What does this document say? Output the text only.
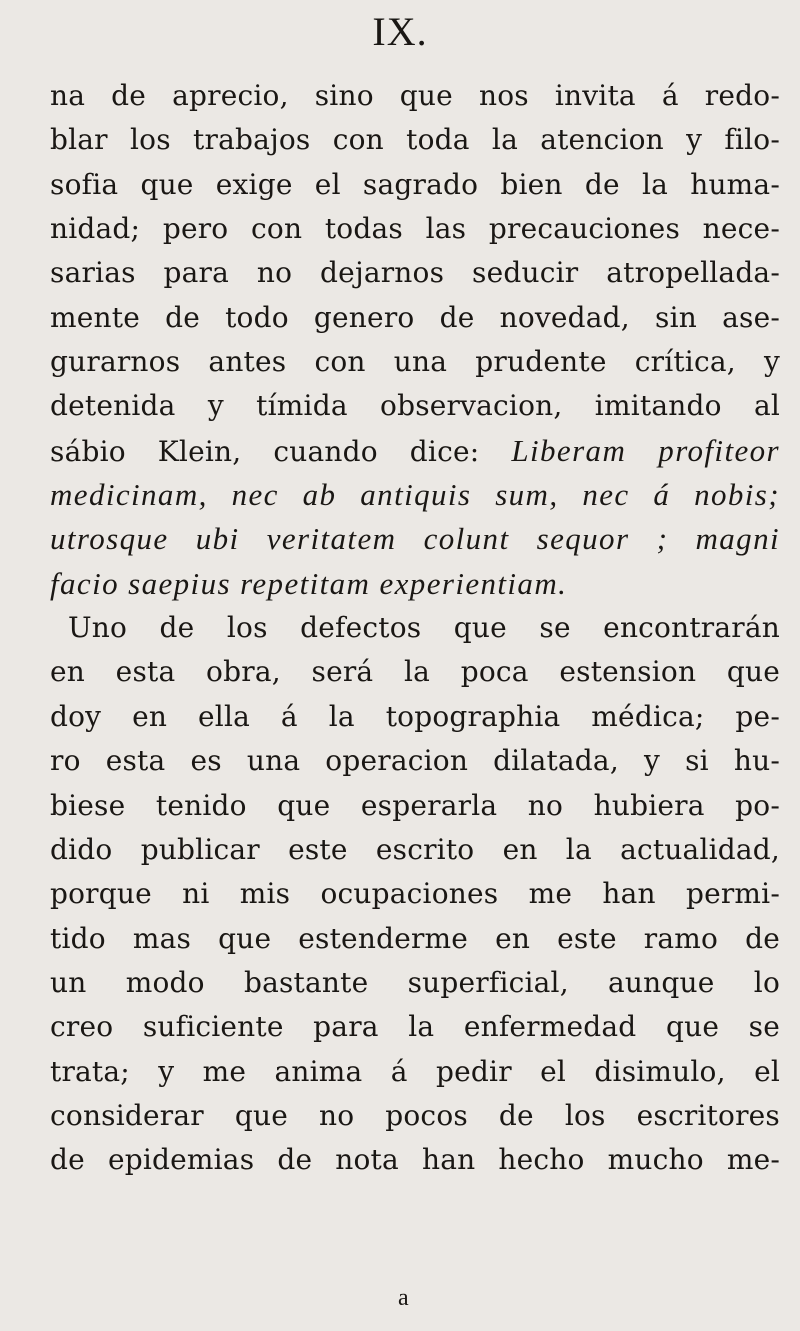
IX.
na de aprecio, sino que nos invita á redo-
blar los trabajos con toda la atencion y filo-
sofia que exige el sagrado bien de la huma-
nidad; pero con todas las precauciones nece-
sarias para no dejarnos seducir atropellada-
mente de todo genero de novedad, sin ase-
gurarnos antes con una prudente crítica, y
detenida y tímida observacion, imitando al
sábio Klein, cuando dice: Liberam profiteor
medicinam, nec ab antiquis sum, nec á nobis;
utrosque ubi veritatem colunt sequor ; magni
facio saepius repetitam experientiam.
Uno de los defectos que se encontrarán
en esta obra, será la poca estension que
doy en ella á la topographia médica; pe-
ro esta es una operacion dilatada, y si hu-
biese tenido que esperarla no hubiera po-
dido publicar este escrito en la actualidad,
porque ni mis ocupaciones me han permi-
tido mas que estenderme en este ramo de
un modo bastante superficial, aunque lo
creo suficiente para la enfermedad que se
trata; y me anima á pedir el disimulo, el
considerar que no pocos de los escritores
de epidemias de nota han hecho mucho me-
a
